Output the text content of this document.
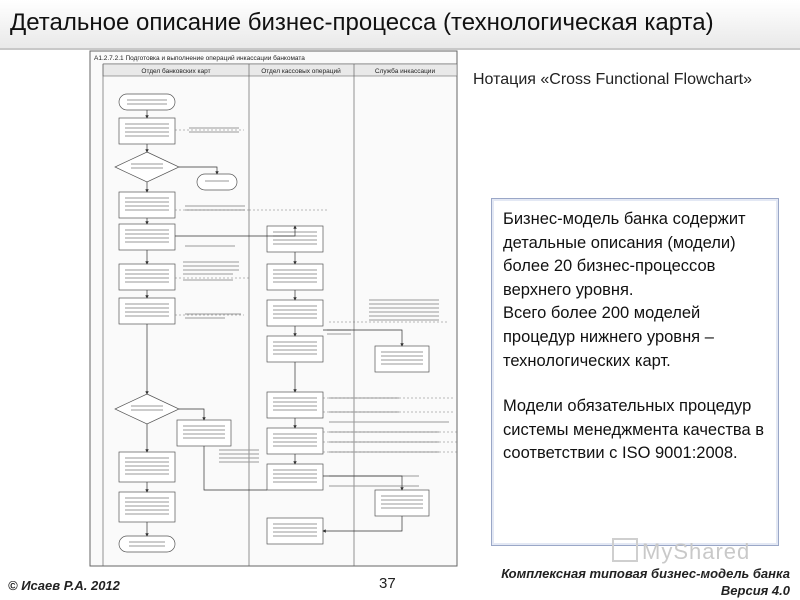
Детальное описание бизнес-процесса (технологическая карта)
А1.2.7.2.1 Подготовка и выполнение операций инкассации банкомата
Отдел банковских карт	Отдел кассовых операций	Служба инкассации Нотация «Cross Functional Flowchart»

Бизнес-модель банка содержит детальные описания (модели) более 20 бизнес-процессов верхнего уровня.

Всего более 200 моделей процедур нижнего уровня – технологических карт.

Модели обязательных процедур системы менеджмента качества в соответствии с ISO 9001:2008.

MyShared
© Исаев Р.А. 2012	37
Комплексная типовая бизнес-модель банка
Версия 4.0
